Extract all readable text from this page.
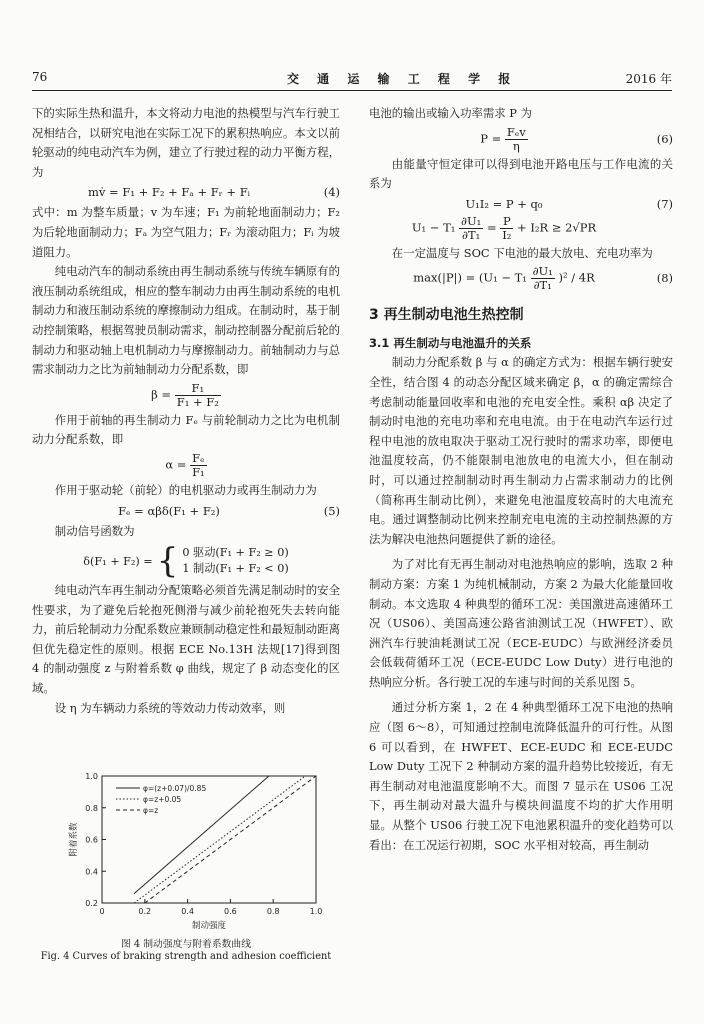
76	交 通 运 输 工 程 学 报	2016 年

下的实际生热和温升，本文将动力电池的热模型与汽车行驶工况相结合，以研究电池在实际工况下的累积热响应。本文以前轮驱动的纯电动汽车为例，建立了行驶过程的动力平衡方程，为

mv̇ = F₁ + F₂ + Fₐ + Fᵣ + Fᵢ	(4)

式中：m 为整车质量；v 为车速；F₁ 为前轮地面制动力；F₂ 为后轮地面制动力；Fₐ 为空气阻力；Fᵣ 为滚动阻力；Fᵢ 为坡道阻力。

纯电动汽车的制动系统由再生制动系统与传统车辆原有的液压制动系统组成，相应的整车制动力由再生制动系统的电机制动力和液压制动系统的摩擦制动力组成。在制动时，基于制动控制策略，根据驾驶员制动需求，制动控制器分配前后轮的制动力和驱动轴上电机制动力与摩擦制动力。前轴制动力与总需求制动力之比为前轴制动力分配系数，即

$\beta = \frac{\text{F₁}}{\text{F₁ + F₂}}$

作用于前轴的再生制动力 Fₑ 与前轮制动力之比为电机制动力分配系数，即

$\alpha = \frac{\text{Fₑ}}{\text{F₁}}$

作用于驱动轮（前轮）的电机驱动力或再生制动力为

Fₑ = αβδ(F₁ + F₂)	(5)

制动信号函数为

δ(F₁ + F₂) = { 0 驱动(F₁ + F₂ ≥ 0)
1 制动(F₁ + F₂ < 0)

纯电动汽车再生制动分配策略必须首先满足制动时的安全性要求，为了避免后轮抱死侧滑与减少前轮抱死失去转向能力，前后轮制动力分配系数应兼顾制动稳定性和最短制动距离但优先稳定性的原则。根据 ECE No.13H 法规[17]得到图 4 的制动强度 z 与附着系数 φ 曲线，规定了 β 动态变化的区域。

设 η 为车辆动力系统的等效动力传动效率，则

0	0.2	0.4	0.6	0.8	1.0
0.2
0.4
0.6
0.8
1.0
制动强度
附着系数
φ=(z+0.07)/0.85
φ=z+0.05
φ=z
图 4 制动强度与附着系数曲线
Fig. 4 Curves of braking strength and adhesion coefficient

电池的输出或输入功率需求 P 为

$P = \frac{\text{Fₑv}}{\eta}$	(6)

由能量守恒定律可以得到电池开路电压与工作电流的关系为

U₁I₂ = P + q₀	(7)
$U_1 - T_1 \frac{\text{∂U₁}}{\text{∂T₁}} = \frac{P}{\text{I₂}} + I_2R \ge 2√PR$

在一定温度与 SOC 下电池的最大放电、充电功率为

$\max(|P|) = (U_1 - T_1 \frac{\text{∂U₁}}{\text{∂T₁}} )^2 / 4R$	(8)
3 再生制动电池生热控制
3.1 再生制动与电池温升的关系

制动力分配系数 β 与 α 的确定方式为：根据车辆行驶安全性，结合图 4 的动态分配区域来确定 β，α 的确定需综合考虑制动能量回收率和电池的充电安全性。乘积 αβ 决定了制动时电池的充电功率和充电电流。由于在电动汽车运行过程中电池的放电取决于驱动工况行驶时的需求功率，即便电池温度较高，仍不能限制电池放电的电流大小，但在制动时，可以通过控制制动时再生制动力占需求制动力的比例（简称再生制动比例），来避免电池温度较高时的大电流充电。通过调整制动比例来控制充电电流的主动控制热源的方法为解决电池热问题提供了新的途径。

为了对比有无再生制动对电池热响应的影响，选取 2 种制动方案：方案 1 为纯机械制动，方案 2 为最大化能量回收制动。本文选取 4 种典型的循环工况：美国激进高速循环工况（US06）、美国高速公路省油测试工况（HWFET）、欧洲汽车行驶油耗测试工况（ECE-EUDC）与欧洲经济委员会低载荷循环工况（ECE-EUDC Low Duty）进行电池的热响应分析。各行驶工况的车速与时间的关系见图 5。

通过分析方案 1，2 在 4 种典型循环工况下电池的热响应（图 6～8），可知通过控制电流降低温升的可行性。从图 6 可以看到，在 HWFET、ECE-EUDC 和 ECE-EUDC Low Duty 工况下 2 种制动方案的温升趋势比较接近，有无再生制动对电池温度影响不大。而图 7 显示在 US06 工况下，再生制动对最大温升与模块间温度不均的扩大作用明显。从整个 US06 行驶工况下电池累积温升的变化趋势可以看出：在工况运行初期，SOC 水平相对较高，再生制动
